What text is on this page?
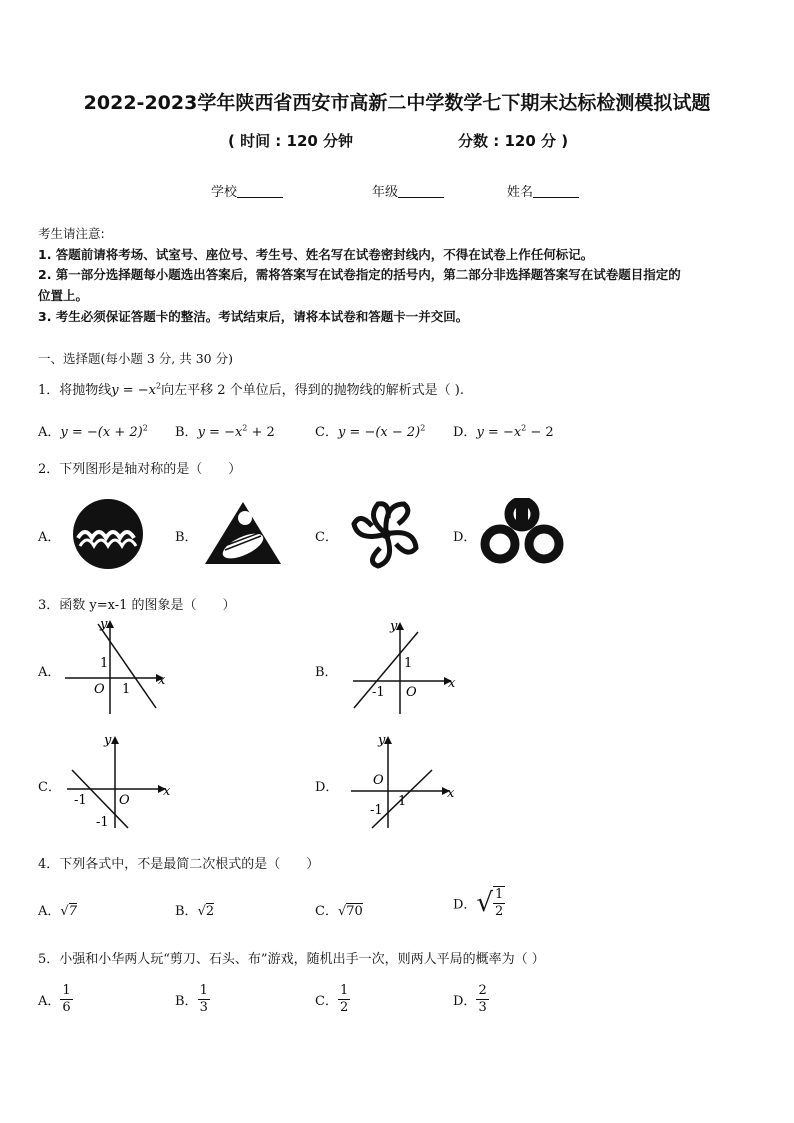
2022-2023学年陕西省西安市高新二中学数学七下期末达标检测模拟试题
( 时间 : 120 分钟	分数 : 120 分 )
学校	年级	姓名
考生请注意:
1. 答题前请将考场、试室号、座位号、考生号、姓名写在试卷密封线内，不得在试卷上作任何标记。
2. 第一部分选择题每小题选出答案后，需将答案写在试卷指定的括号内，第二部分非选择题答案写在试卷题目指定的
位置上。
3. 考生必须保证答题卡的整洁。考试结束后，请将本试卷和答题卡一并交回。
一、选择题(每小题 3 分, 共 30 分)
1．将抛物线$y = -x^2$向左平移 2 个单位后，得到的抛物线的解析式是（ ).
A．$y = -(x + 2)^2$ B．$y = -x^2 + 2$	C．$y = -(x - 2)^2$ D．$y = -x^2 - 2$
2．下列图形是轴对称的是（　　）
A．	B．	C．	D．
3．函数 y=x-1 的图象是（　　）
A．	B．
C．	D．
y
x
O
1
1
y
x
O
1
-1
y
x
O
-1
-1
y
x
O
-1
1
4．下列各式中，不是最简二次根式的是（　　）
A．√7	B．√2	C．√70	D．√ $\frac{1}{2}$
5．小强和小华两人玩“剪刀、石头、布”游戏，随机出手一次，则两人平局的概率为（ ）
A． $\frac{1}{6}$	B． $\frac{1}{3}$	C． $\frac{1}{2}$	D． $\frac{2}{3}$
